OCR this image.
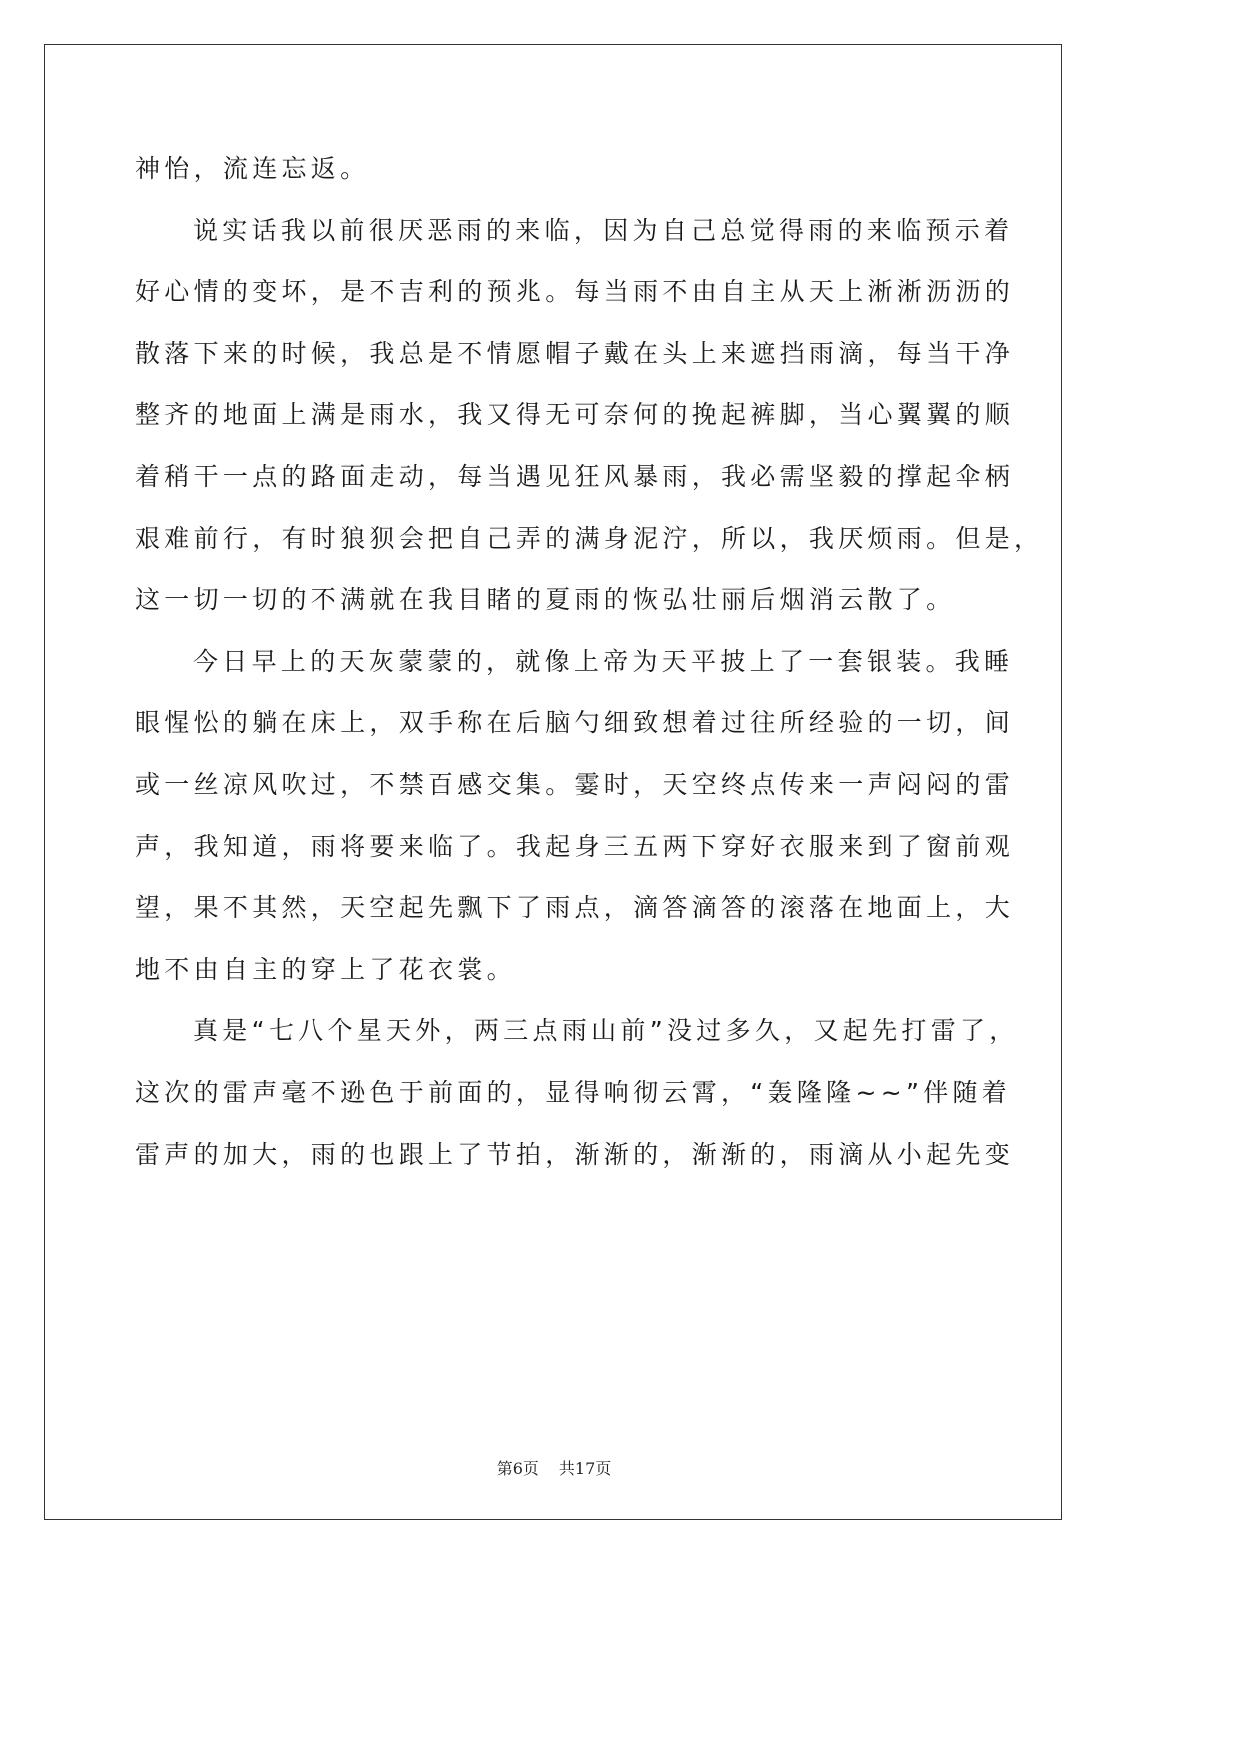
神怡，流连忘返。
说实话我以前很厌恶雨的来临，因为自己总觉得雨的来临预示着
好心情的变坏，是不吉利的预兆。每当雨不由自主从天上淅淅沥沥的
散落下来的时候，我总是不情愿帽子戴在头上来遮挡雨滴，每当干净
整齐的地面上满是雨水，我又得无可奈何的挽起裤脚，当心翼翼的顺
着稍干一点的路面走动，每当遇见狂风暴雨，我必需坚毅的撑起伞柄
艰难前行，有时狼狈会把自己弄的满身泥泞，所以，我厌烦雨。但是，
这一切一切的不满就在我目睹的夏雨的恢弘壮丽后烟消云散了。
今日早上的天灰蒙蒙的，就像上帝为天平披上了一套银装。我睡
眼惺忪的躺在床上，双手称在后脑勺细致想着过往所经验的一切，间
或一丝凉风吹过，不禁百感交集。霎时，天空终点传来一声闷闷的雷
声，我知道，雨将要来临了。我起身三五两下穿好衣服来到了窗前观
望，果不其然，天空起先飘下了雨点，滴答滴答的滚落在地面上，大
地不由自主的穿上了花衣裳。
真是“七八个星天外，两三点雨山前”没过多久，又起先打雷了，
这次的雷声毫不逊色于前面的，显得响彻云霄，“轰隆隆~~”伴随着
雷声的加大，雨的也跟上了节拍，渐渐的，渐渐的，雨滴从小起先变
第6页 共17页
